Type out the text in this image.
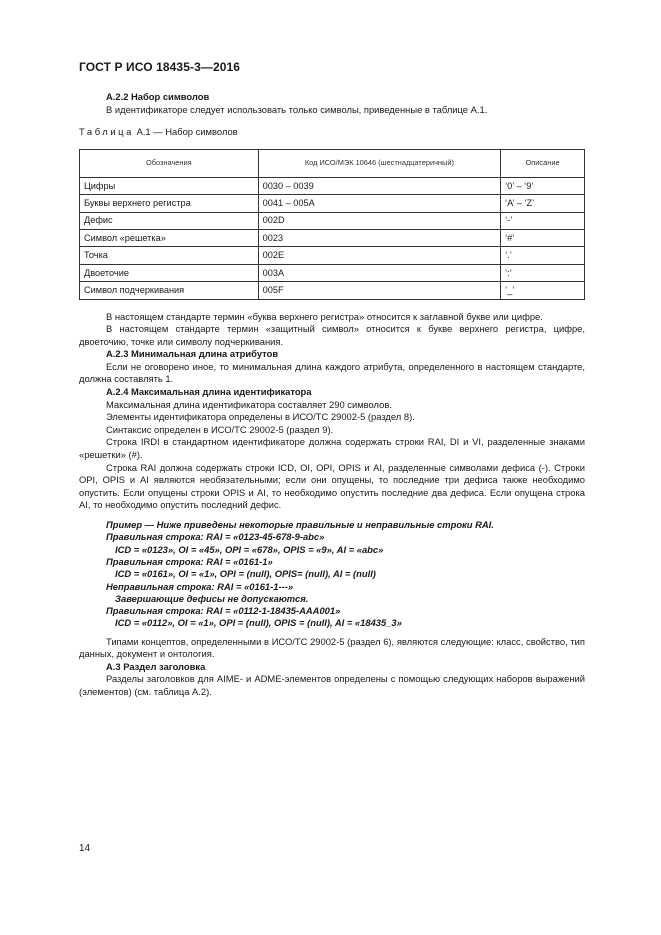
ГОСТ Р ИСО 18435-3—2016
А.2.2 Набор символов
В идентификаторе следует использовать только символы, приведенные в таблице А.1.
Таблица А.1 — Набор символов
Обозначения	Код ИСО/МЭК 10646 (шестнадцатеричный)	Описание
Цифры	0030 – 0039	‘0’ – ‘9’
Буквы верхнего регистра	0041 – 005A	‘A’ – ‘Z’
Дефис	002D	‘-’
Символ «решетка»	0023	‘#’
Точка	002E	‘.’
Двоеточие	003A	‘:’
Символ подчеркивания	005F	‘_’
В настоящем стандарте термин «буква верхнего регистра» относится к заглавной букве или цифре.
В настоящем стандарте термин «защитный символ» относится к букве верхнего регистра, цифре, двоеточию, точке или символу подчеркивания.
А.2.3 Минимальная длина атрибутов
Если не оговорено иное, то минимальная длина каждого атрибута, определенного в настоящем стандарте, должна составлять 1.
А.2.4 Максимальная длина идентификатора
Максимальная длина идентификатора составляет 290 символов.
Элементы идентификатора определены в ИСО/ТС 29002-5 (раздел 8).
Синтаксис определен в ИСО/ТС 29002-5 (раздел 9).
Строка IRDI в стандартном идентификаторе должна содержать строки RAI, DI и VI, разделенные знаками «решетки» (#).
Строка RAI должна содержать строки ICD, OI, OPI, OPIS и AI, разделенные символами дефиса (-). Строки OPI, OPIS и AI являются необязательными; если они опущены, то последние три дефиса также необходимо опустить. Если опущены строки OPIS и AI, то необходимо опустить последние два дефиса. Если опущена строка AI, то необходимо опустить последний дефис.
Пример — Ниже приведены некоторые правильные и неправильные строки RAI.
Правильная строка: RAI = «0123-45-678-9-abc»
ICD = «0123», OI = «45», OPI = «678», OPIS = «9», AI = «abc»
Правильная строка: RAI = «0161-1»
ICD = «0161», OI = «1», OPI = (null), OPIS= (null), AI = (null)
Неправильная строка: RAI = «0161-1---»
Завершающие дефисы не допускаются.
Правильная строка: RAI = «0112-1-18435-AAA001»
ICD = «0112», OI = «1», OPI = (null), OPIS = (null), AI = «18435_3»
Типами концептов, определенными в ИСО/ТС 29002-5 (раздел 6), являются следующие: класс, свойство, тип данных, документ и онтология.
А.3 Раздел заголовка
Разделы заголовков для AIME- и ADME-элементов определены с помощью следующих наборов выражений (элементов) (см. таблица А.2).
14
